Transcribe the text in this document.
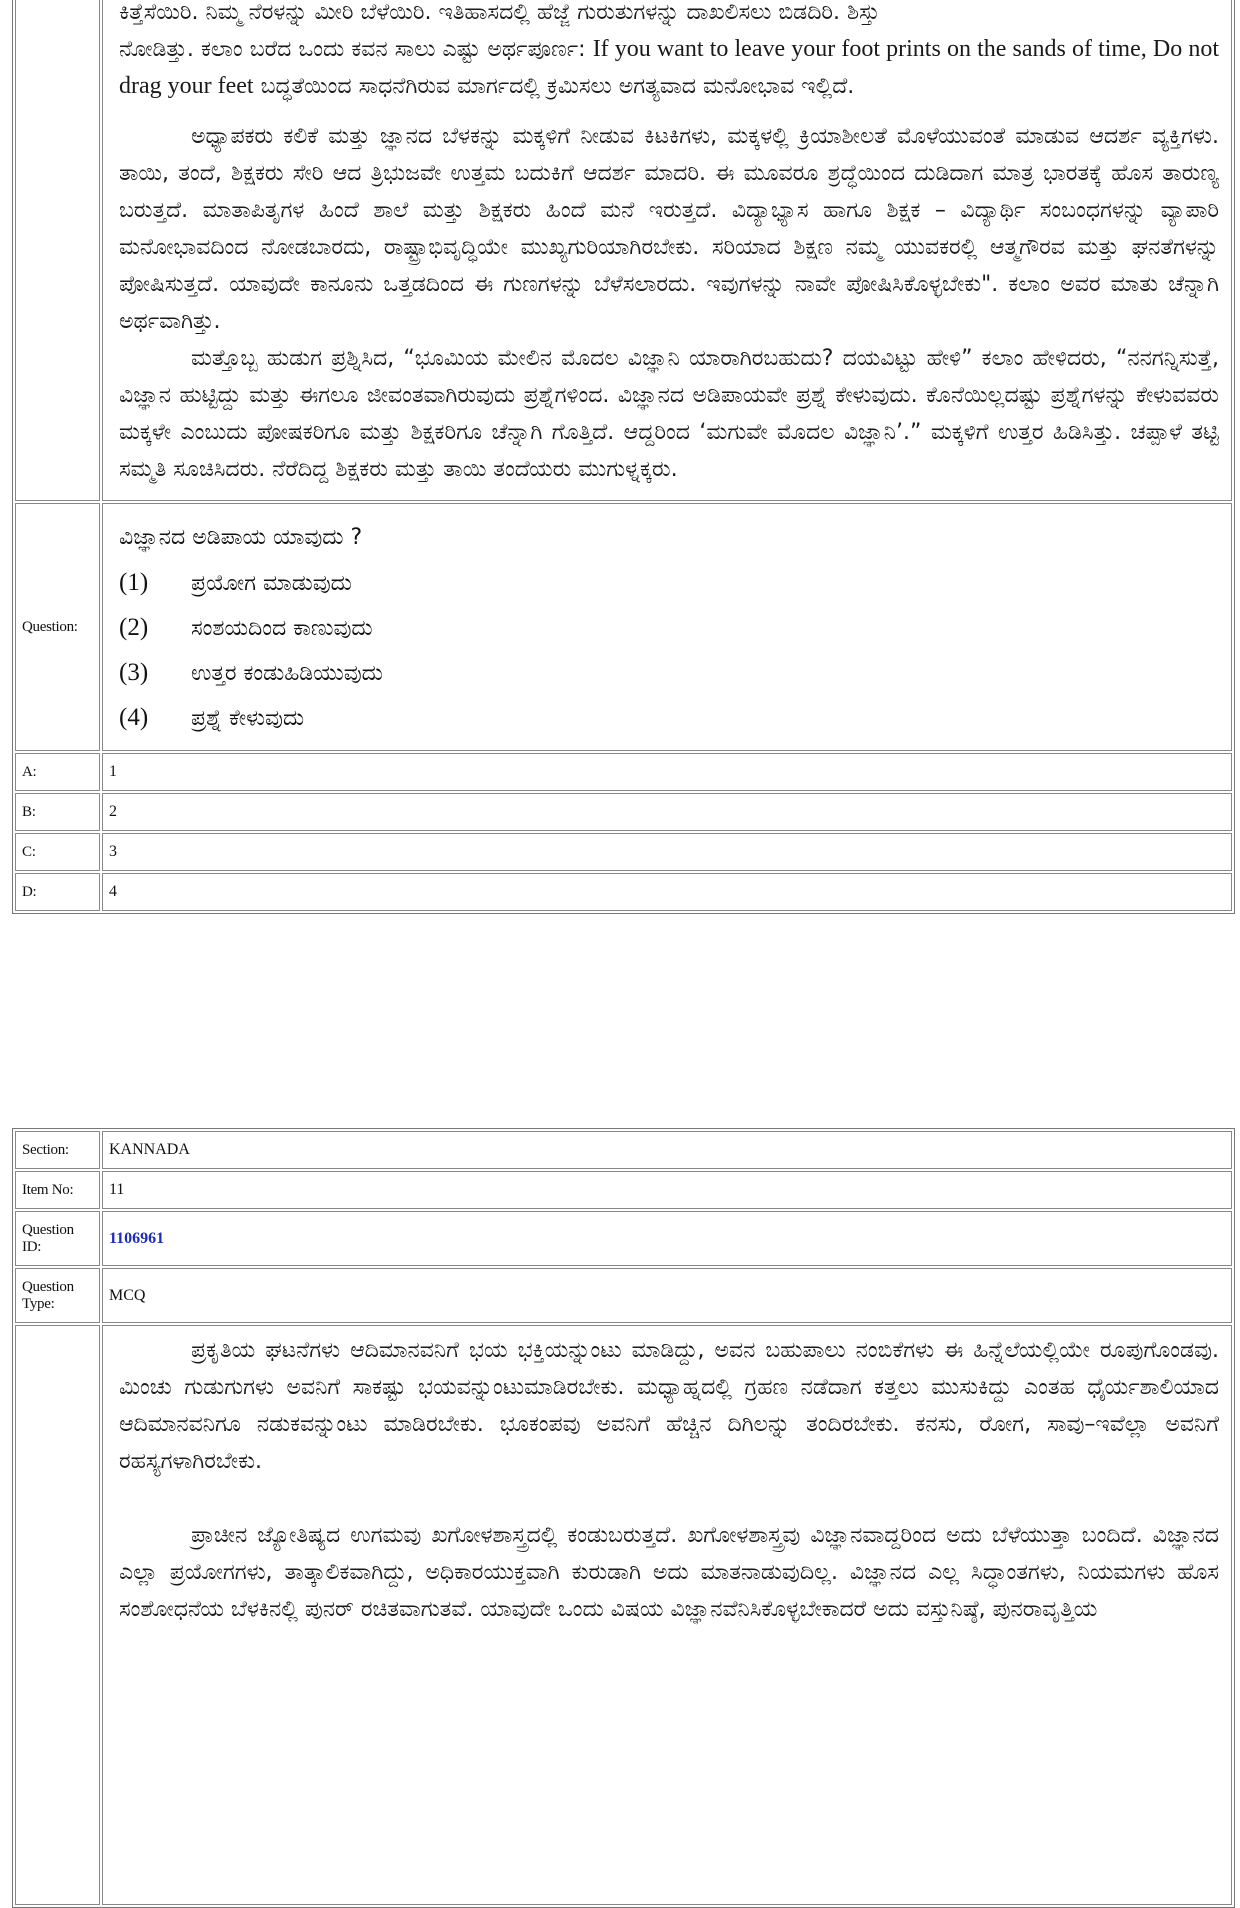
	ಕಿತ್ತೆಸೆಯಿರಿ. ನಿಮ್ಮ ನೆರಳನ್ನು ಮೀರಿ ಬೆಳೆಯಿರಿ. ಇತಿಹಾಸದಲ್ಲಿ ಹೆಜ್ಜೆ ಗುರುತುಗಳನ್ನು ದಾಖಲಿಸಲು ಬಿಡದಿರಿ. ಶಿಸ್ತು

ನೋಡಿತ್ತು. ಕಲಾಂ ಬರೆದ ಒಂದು ಕವನ ಸಾಲು ಎಷ್ಟು ಅರ್ಥಪೂರ್ಣ: If you want to leave your foot prints on the sands of time, Do not drag your feet ಬದ್ಧತೆಯಿಂದ ಸಾಧನೆಗಿರುವ ಮಾರ್ಗದಲ್ಲಿ ಕ್ರಮಿಸಲು ಅಗತ್ಯವಾದ ಮನೋಭಾವ ಇಲ್ಲಿದೆ.

ಅಧ್ಯಾಪಕರು ಕಲಿಕೆ ಮತ್ತು ಜ್ಞಾನದ ಬೆಳಕನ್ನು ಮಕ್ಕಳಿಗೆ ನೀಡುವ ಕಿಟಕಿಗಳು, ಮಕ್ಕಳಲ್ಲಿ ಕ್ರಿಯಾಶೀಲತೆ ಮೊಳೆಯುವಂತೆ ಮಾಡುವ ಆದರ್ಶ ವ್ಯಕ್ತಿಗಳು. ತಾಯಿ, ತಂದೆ, ಶಿಕ್ಷಕರು ಸೇರಿ ಆದ ತ್ರಿಭುಜವೇ ಉತ್ತಮ ಬದುಕಿಗೆ ಆದರ್ಶ ಮಾದರಿ. ಈ ಮೂವರೂ ಶ್ರದ್ಧೆಯಿಂದ ದುಡಿದಾಗ ಮಾತ್ರ ಭಾರತಕ್ಕೆ ಹೊಸ ತಾರುಣ್ಯ ಬರುತ್ತದೆ. ಮಾತಾಪಿತೃಗಳ ಹಿಂದೆ ಶಾಲೆ ಮತ್ತು ಶಿಕ್ಷಕರು ಹಿಂದೆ ಮನೆ ಇರುತ್ತದೆ. ವಿದ್ಯಾಭ್ಯಾಸ ಹಾಗೂ ಶಿಕ್ಷಕ – ವಿದ್ಯಾರ್ಥಿ ಸಂಬಂಧಗಳನ್ನು ವ್ಯಾಪಾರಿ ಮನೋಭಾವದಿಂದ ನೋಡಬಾರದು, ರಾಷ್ಟ್ರಾಭಿವೃದ್ಧಿಯೇ ಮುಖ್ಯಗುರಿಯಾಗಿರಬೇಕು. ಸರಿಯಾದ ಶಿಕ್ಷಣ ನಮ್ಮ ಯುವಕರಲ್ಲಿ ಆತ್ಮಗೌರವ ಮತ್ತು ಘನತೆಗಳನ್ನು ಪೋಷಿಸುತ್ತದೆ. ಯಾವುದೇ ಕಾನೂನು ಒತ್ತಡದಿಂದ ಈ ಗುಣಗಳನ್ನು ಬೆಳೆಸಲಾರದು. ಇವುಗಳನ್ನು ನಾವೇ ಪೋಷಿಸಿಕೊಳ್ಳಬೇಕು". ಕಲಾಂ ಅವರ ಮಾತು ಚೆನ್ನಾಗಿ ಅರ್ಥವಾಗಿತ್ತು.

ಮತ್ತೊಬ್ಬ ಹುಡುಗ ಪ್ರಶ್ನಿಸಿದ, “ಭೂಮಿಯ ಮೇಲಿನ ಮೊದಲ ವಿಜ್ಞಾನಿ ಯಾರಾಗಿರಬಹುದು? ದಯವಿಟ್ಟು ಹೇಳಿ” ಕಲಾಂ ಹೇಳಿದರು, “ನನಗನ್ನಿಸುತ್ತೆ, ವಿಜ್ಞಾನ ಹುಟ್ಟಿದ್ದು ಮತ್ತು ಈಗಲೂ ಜೀವಂತವಾಗಿರುವುದು ಪ್ರಶ್ನೆಗಳಿಂದ. ವಿಜ್ಞಾನದ ಅಡಿಪಾಯವೇ ಪ್ರಶ್ನೆ ಕೇಳುವುದು. ಕೊನೆಯಿಲ್ಲದಷ್ಟು ಪ್ರಶ್ನೆಗಳನ್ನು ಕೇಳುವವರು ಮಕ್ಕಳೇ ಎಂಬುದು ಪೋಷಕರಿಗೂ ಮತ್ತು ಶಿಕ್ಷಕರಿಗೂ ಚೆನ್ನಾಗಿ ಗೊತ್ತಿದೆ. ಆದ್ದರಿಂದ ‘ಮಗುವೇ ಮೊದಲ ವಿಜ್ಞಾನಿ’.” ಮಕ್ಕಳಿಗೆ ಉತ್ತರ ಹಿಡಿಸಿತ್ತು. ಚಪ್ಪಾಳೆ ತಟ್ಟಿ ಸಮ್ಮತಿ ಸೂಚಿಸಿದರು. ನೆರೆದಿದ್ದ ಶಿಕ್ಷಕರು ಮತ್ತು ತಾಯಿ ತಂದೆಯರು ಮುಗುಳ್ನಕ್ಕರು.

Question:	ವಿಜ್ಞಾನದ ಅಡಿಪಾಯ ಯಾವುದು ?
(1) ಪ್ರಯೋಗ ಮಾಡುವುದು
(2) ಸಂಶಯದಿಂದ ಕಾಣುವುದು
(3) ಉತ್ತರ ಕಂಡುಹಿಡಿಯುವುದು
(4) ಪ್ರಶ್ನೆ ಕೇಳುವುದು

A:	1
B:	2
C:	3
D:	4
Section:	KANNADA
Item No:	11
Question ID:	1106961
Question Type:	MCQ

	ಪ್ರಕೃತಿಯ ಘಟನೆಗಳು ಆದಿಮಾನವನಿಗೆ ಭಯ ಭಕ್ತಿಯನ್ನುಂಟು ಮಾಡಿದ್ದು, ಅವನ ಬಹುಪಾಲು ನಂಬಿಕೆಗಳು ಈ ಹಿನ್ನೆಲೆಯಲ್ಲಿಯೇ ರೂಪುಗೊಂಡವು. ಮಿಂಚು ಗುಡುಗುಗಳು ಅವನಿಗೆ ಸಾಕಷ್ಟು ಭಯವನ್ನುಂಟುಮಾಡಿರಬೇಕು. ಮಧ್ಯಾಹ್ನದಲ್ಲಿ ಗ್ರಹಣ ನಡೆದಾಗ ಕತ್ತಲು ಮುಸುಕಿದ್ದು ಎಂತಹ ಧೈರ್ಯಶಾಲಿಯಾದ ಆದಿಮಾನವನಿಗೂ ನಡುಕವನ್ನುಂಟು ಮಾಡಿರಬೇಕು. ಭೂಕಂಪವು ಅವನಿಗೆ ಹೆಚ್ಚಿನ ದಿಗಿಲನ್ನು ತಂದಿರಬೇಕು. ಕನಸು, ರೋಗ, ಸಾವು–ಇವೆಲ್ಲಾ ಅವನಿಗೆ ರಹಸ್ಯಗಳಾಗಿರಬೇಕು.

ಪ್ರಾಚೀನ ಜ್ಯೋತಿಷ್ಯದ ಉಗಮವು ಖಗೋಳಶಾಸ್ತ್ರದಲ್ಲಿ ಕಂಡುಬರುತ್ತದೆ. ಖಗೋಳಶಾಸ್ತ್ರವು ವಿಜ್ಞಾನವಾದ್ದರಿಂದ ಅದು ಬೆಳೆಯುತ್ತಾ ಬಂದಿದೆ. ವಿಜ್ಞಾನದ ಎಲ್ಲಾ ಪ್ರಯೋಗಗಳು, ತಾತ್ಕಾಲಿಕವಾಗಿದ್ದು, ಅಧಿಕಾರಯುಕ್ತವಾಗಿ ಕುರುಡಾಗಿ ಅದು ಮಾತನಾಡುವುದಿಲ್ಲ. ವಿಜ್ಞಾನದ ಎಲ್ಲ ಸಿದ್ಧಾಂತಗಳು, ನಿಯಮಗಳು ಹೊಸ ಸಂಶೋಧನೆಯ ಬೆಳಕಿನಲ್ಲಿ ಪುನರ್ ರಚಿತವಾಗುತವೆ. ಯಾವುದೇ ಒಂದು ವಿಷಯ ವಿಜ್ಞಾನವೆನಿಸಿಕೊಳ್ಳಬೇಕಾದರೆ ಅದು ವಸ್ತುನಿಷ್ಠೆ, ಪುನರಾವೃತ್ತಿಯ
